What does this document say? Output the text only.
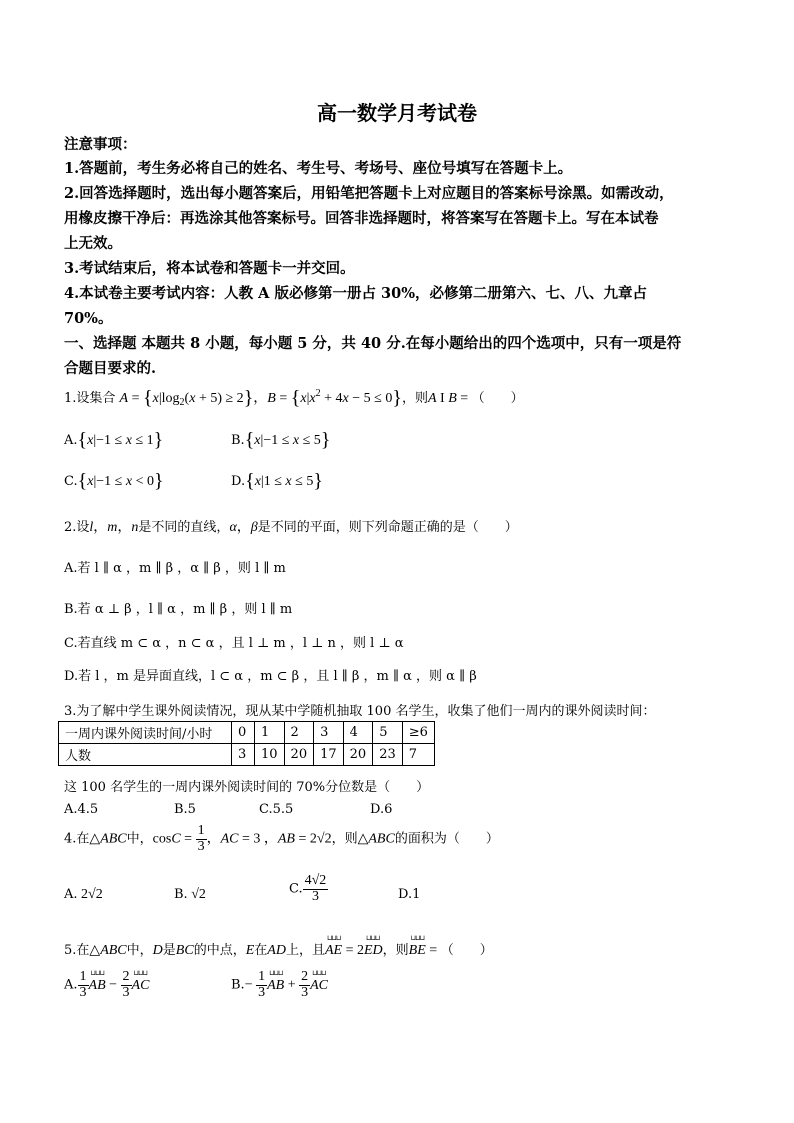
高一数学月考试卷
注意事项：
1.答题前，考生务必将自己的姓名、考生号、考场号、座位号填写在答题卡上。
2.回答选择题时，选出每小题答案后，用铅笔把答题卡上对应题目的答案标号涂黑。如需改动，
用橡皮擦干净后：再选涂其他答案标号。回答非选择题时，将答案写在答题卡上。写在本试卷
上无效。
3.考试结束后，将本试卷和答题卡一并交回。
4.本试卷主要考试内容：人教 A 版必修第一册占 30%，必修第二册第六、七、八、九章占
70%。
一、选择题 本题共 8 小题，每小题 5 分，共 40 分.在每小题给出的四个选项中，只有一项是符
合题目要求的.
1.设集合 $A = \{x|\log_2(x + 5) \ge 2\}$，$B = \{x|x^2 + 4x - 5 \le 0\}$，则A I B = （　　）
A.{x|−1 ≤ x ≤ 1}	B.{x|−1 ≤ x ≤ 5}
C.{x|−1 ≤ x < 0}	D.{x|1 ≤ x ≤ 5}
2.设l，m，n是不同的直线，α，β是不同的平面，则下列命题正确的是（　　）
A.若 l ∥ α ，m ∥ β ，α ∥ β ，则 l ∥ m
B.若 α ⊥ β ，l ∥ α ，m ∥ β ，则 l ∥ m
C.若直线 m ⊂ α ，n ⊂ α ，且 l ⊥ m ，l ⊥ n ，则 l ⊥ α
D.若 l ，m 是异面直线，l ⊂ α ，m ⊂ β ，且 l ∥ β ，m ∥ α ，则 α ∥ β
3.为了解中学生课外阅读情况，现从某中学随机抽取 100 名学生，收集了他们一周内的课外阅读时间：
一周内课外阅读时间/小时	0	1	2	3	4	5	≥6
人数	3	10	20	17	20	23	7
这 100 名学生的一周内课外阅读时间的 70%分位数是（　　）
A.4.5	B.5	C.5.5	D.6
4.在△ABC中，$\cos C = \frac{1}{3}$ ，AC = 3 ，AB = 2√2，则△ABC的面积为（　　）
A. 2√2	B. √2	C. $\frac{4√2}{3}$	D.1
5.在△ABC中，D是BC的中点，E在AD上，且⊔⊔⊔ AE = 2⊔⊔⊔ ED，则⊔⊔⊔ BE = （　　）
A. $\frac{1}{3}$ ⊔⊔⊔ AB − $\frac{2}{3}$ ⊔⊔⊔ AC	$B.- \frac{1}{3}$ ⊔⊔⊔ AB + $\frac{2}{3}$ ⊔⊔⊔ AC
